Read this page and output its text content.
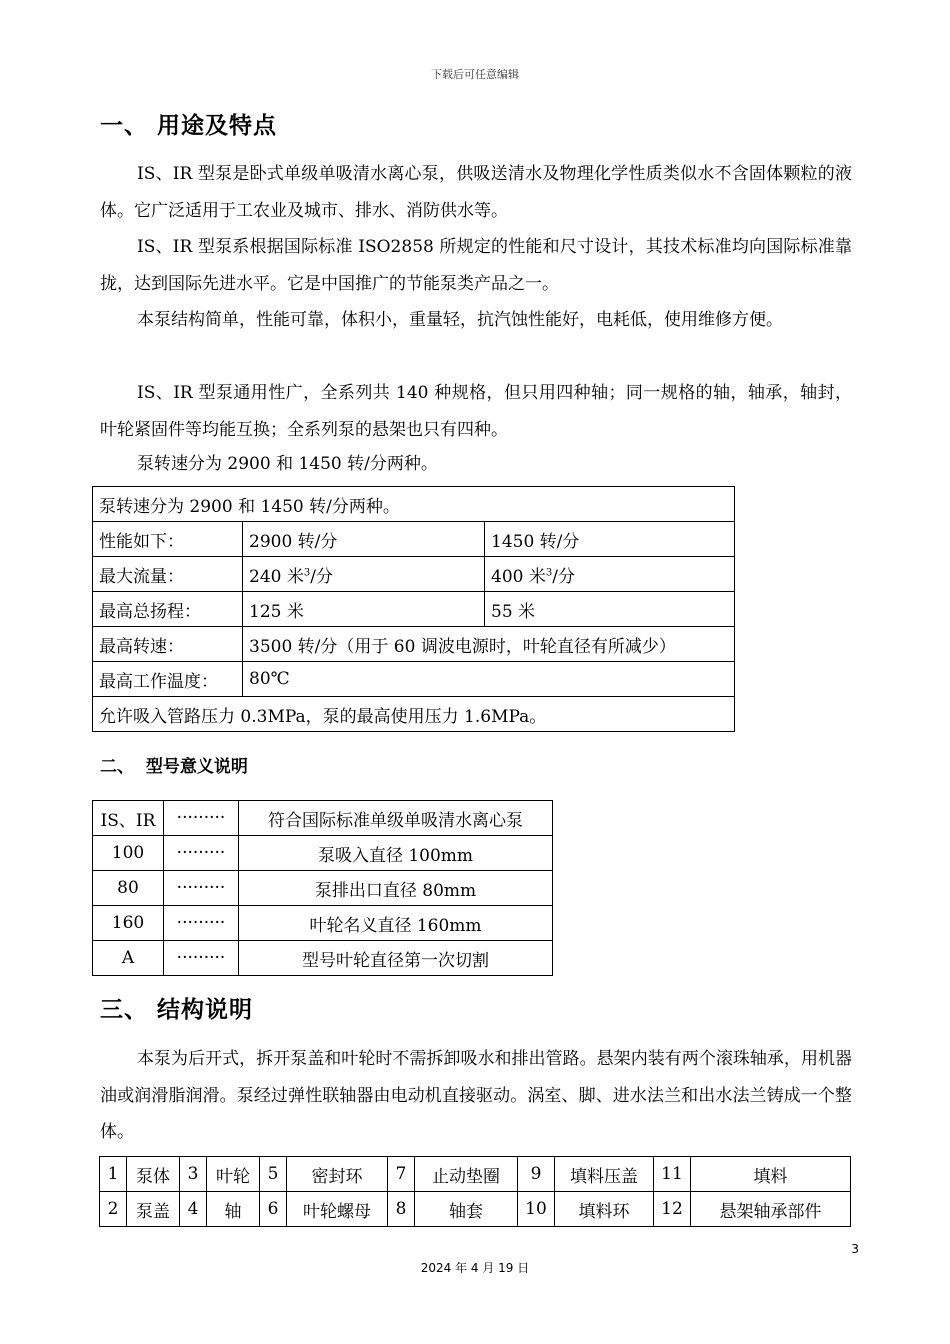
下载后可任意编辑
一、 用途及特点
IS、IR 型泵是卧式单级单吸清水离心泵，供吸送清水及物理化学性质类似水不含固体颗粒的液体。它广泛适用于工农业及城市、排水、消防供水等。
IS、IR 型泵系根据国际标准 ISO2858 所规定的性能和尺寸设计，其技术标准均向国际标准靠拢，达到国际先进水平。它是中国推广的节能泵类产品之一。
本泵结构简单，性能可靠，体积小，重量轻，抗汽蚀性能好，电耗低，使用维修方便。
IS、IR 型泵通用性广，全系列共 140 种规格，但只用四种轴；同一规格的轴，轴承，轴封，叶轮紧固件等均能互换；全系列泵的悬架也只有四种。
泵转速分为 2900 和 1450 转/分两种。
泵转速分为 2900 和 1450 转/分两种。		
性能如下：	2900 转/分	1450 转/分
最大流量：	240 米$^3$/分	400 米$^3$/分
最高总扬程：	125 米	55 米
最高转速：	3500 转/分（用于 60 调波电源时，叶轮直径有所减少）	
最高工作温度：	80℃	
允许吸入管路压力 0.3MPa，泵的最高使用压力 1.6MPa。		
二、  型号意义说明
IS、IR	·········	符合国际标准单级单吸清水离心泵
100	·········	泵吸入直径 100mm
80	·········	泵排出口直径 80mm
160	·········	叶轮名义直径 160mm
A	·········	型号叶轮直径第一次切割
三、 结构说明
本泵为后开式，拆开泵盖和叶轮时不需拆卸吸水和排出管路。悬架内装有两个滚珠轴承，用机器油或润滑脂润滑。泵经过弹性联轴器由电动机直接驱动。涡室、脚、进水法兰和出水法兰铸成一个整体。
1	泵体	3	叶轮	5	密封环	7	止动垫圈	9	填料压盖	11	填料
2	泵盖	4	轴	6	叶轮螺母	8	轴套	10	填料环	12	悬架轴承部件
3
2024 年 4 月 19 日
